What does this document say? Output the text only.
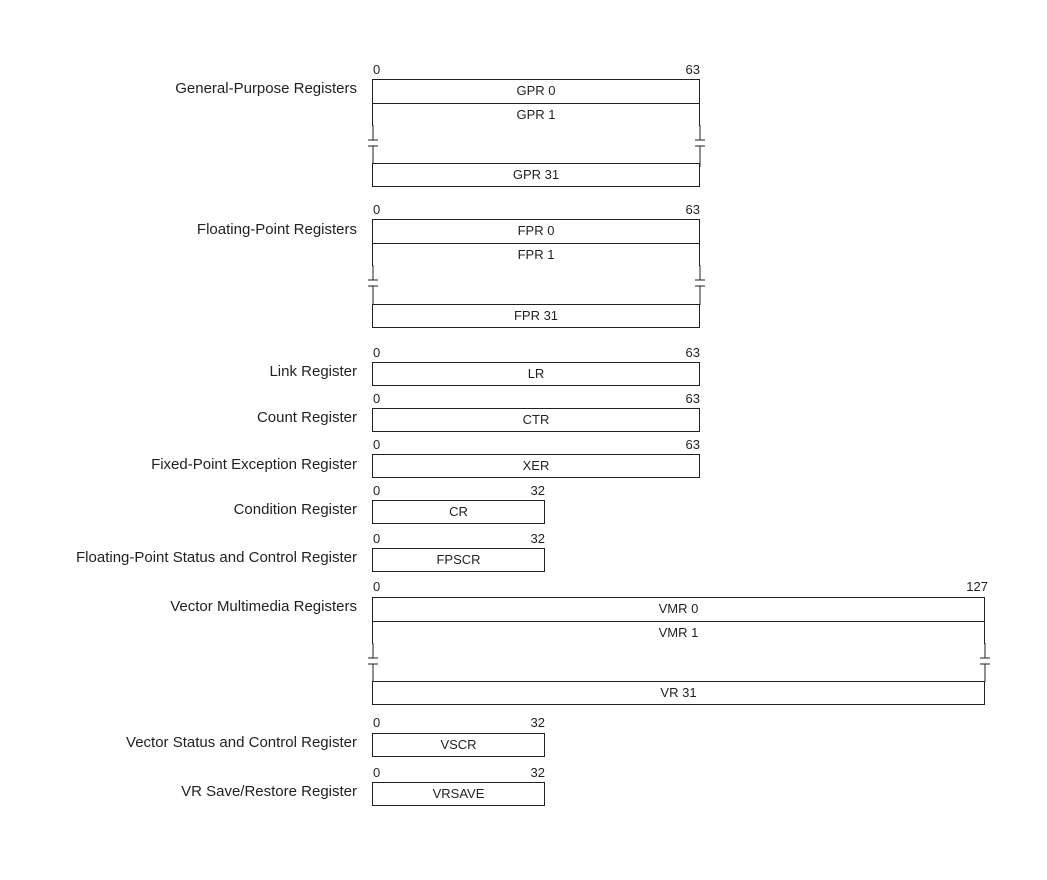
General-Purpose Registers
0	63
GPR 0
GPR 1
GPR 31
Floating-Point Registers
0	63
FPR 0
FPR 1
FPR 31
Link Register
0	63
LR
Count Register
0	63
CTR
Fixed-Point Exception Register
0	63
XER
Condition Register
0	32
CR
Floating-Point Status and Control Register
0	32
FPSCR
Vector Multimedia Registers
0	127
VMR 0
VMR 1
VR 31
Vector Status and Control Register
0	32
VSCR
VR Save/Restore Register
0	32
VRSAVE
